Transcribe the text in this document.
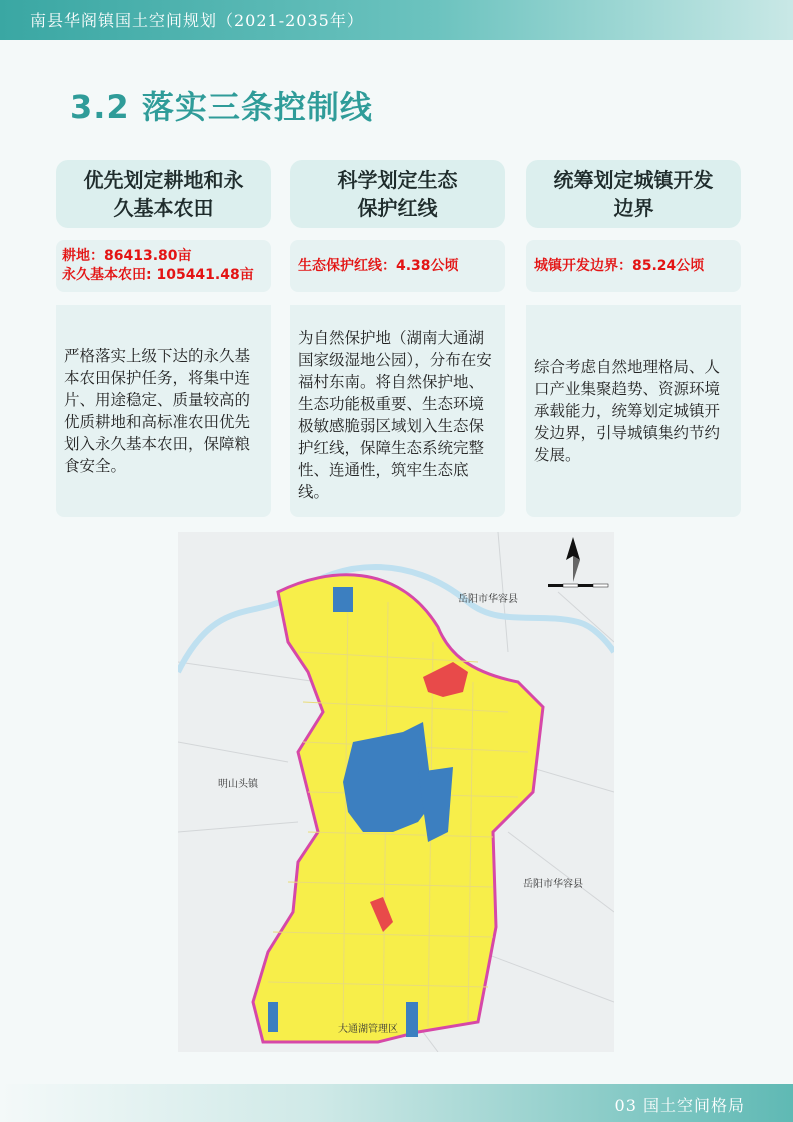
南县华阁镇国土空间规划（2021-2035年）
3.2 落实三条控制线
优先划定耕地和永久基本农田
耕地：86413.80亩
永久基本农田: 105441.48亩
严格落实上级下达的永久基本农田保护任务，将集中连片、用途稳定、质量较高的优质耕地和高标准农田优先划入永久基本农田，保障粮食安全。
科学划定生态保护红线
生态保护红线：4.38公顷
为自然保护地（湖南大通湖国家级湿地公园），分布在安福村东南。将自然保护地、生态功能极重要、生态环境极敏感脆弱区域划入生态保护红线，保障生态系统完整性、连通性，筑牢生态底线。
统筹划定城镇开发边界
城镇开发边界：85.24公顷
综合考虑自然地理格局、人口产业集聚趋势、资源环境承载能力，统筹划定城镇开发边界，引导城镇集约节约发展。
岳阳市华容县
岳阳市华容县
明山头镇
大通湖管理区
03 国土空间格局
